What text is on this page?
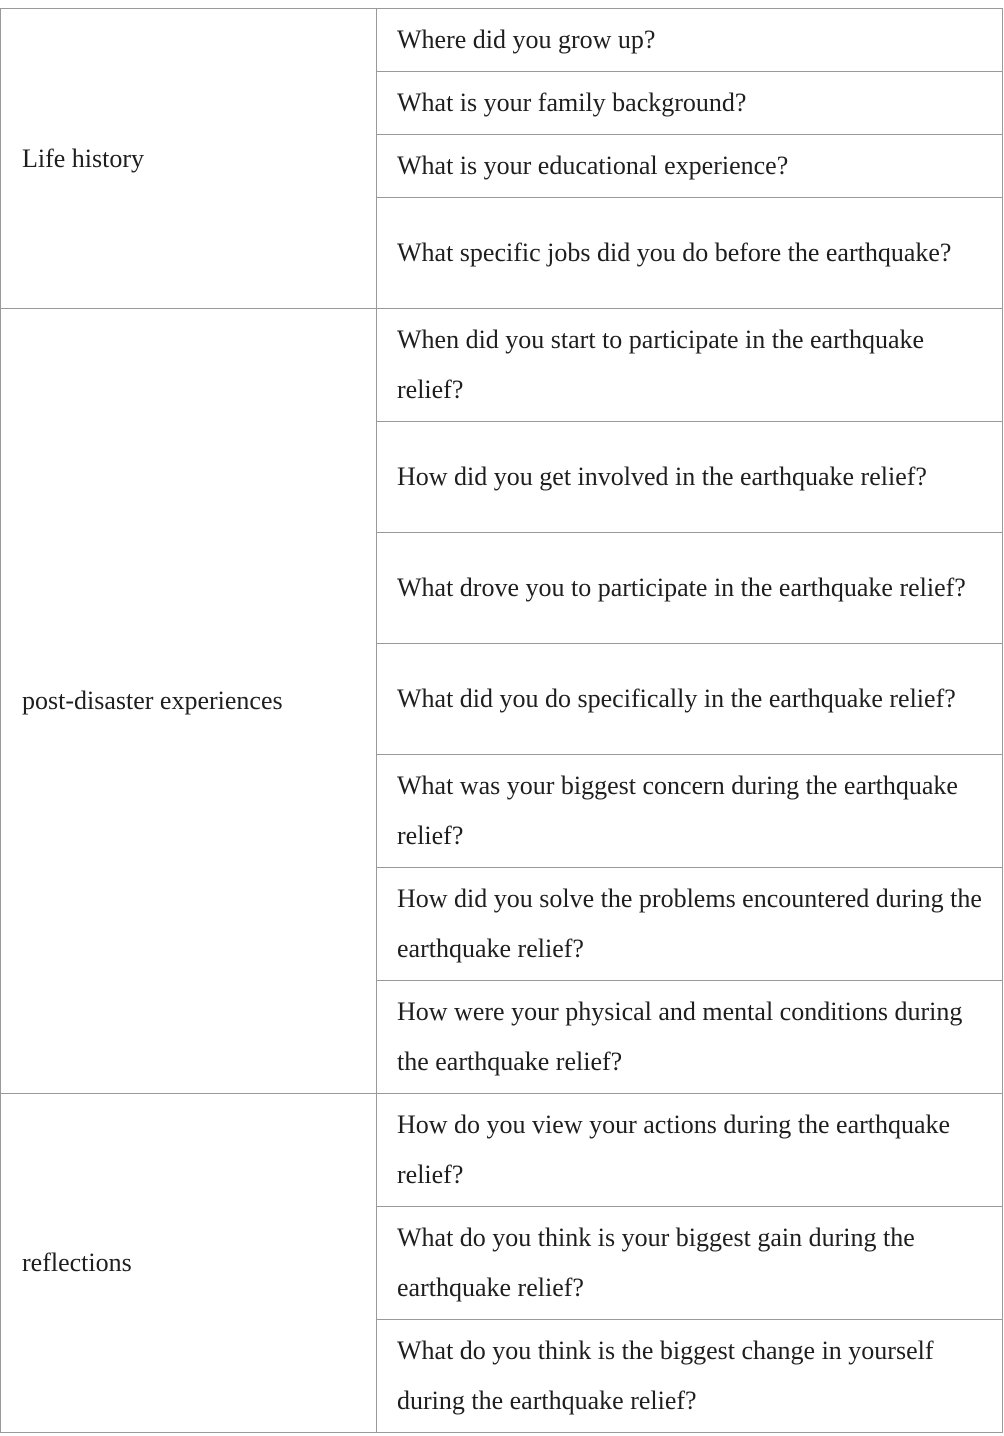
Life history	Where did you grow up?
	What is your family background?
	What is your educational experience?
	What specific jobs did you do before the earthquake?
post-disaster experiences	When did you start to participate in the earthquake relief?
	How did you get involved in the earthquake relief?
	What drove you to participate in the earthquake relief?
	What did you do specifically in the earthquake relief?
	What was your biggest concern during the earthquake relief?
	How did you solve the problems encountered during the earthquake relief?
	How were your physical and mental conditions during the earthquake relief?
reflections	How do you view your actions during the earthquake relief?
	What do you think is your biggest gain during the earthquake relief?
	What do you think is the biggest change in yourself during the earthquake relief?
